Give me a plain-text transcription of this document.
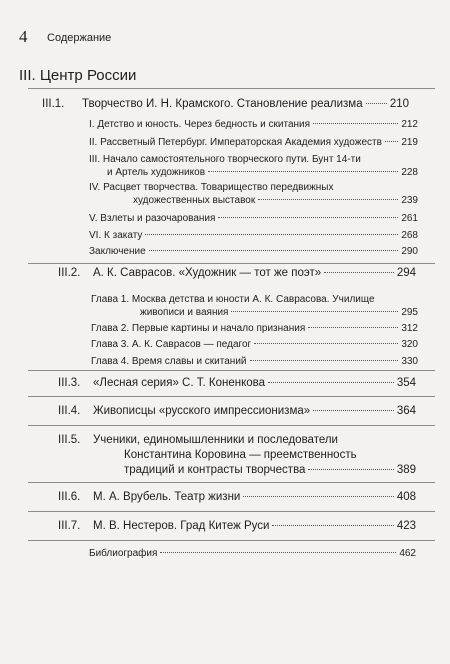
4 Содержание
III. Центр России
III.1.	Творчество И. Н. Крамского. Становление реализма 210
I. Детство и юность. Через бедность и скитания	212
II. Рассветный Петербург. Императорская Академия художеств 219
III. Начало самостоятельного творческого пути. Бунт 14-ти
и Артель художников	228
IV. Расцвет творчества. Товарищество передвижных
художественных выставок	239
V. Взлеты и разочарования	261
VI. К закату	268
Заключение	290
III.2.	А. К. Саврасов. «Художник — тот же поэт»	294
Глава 1. Москва детства и юности А. К. Саврасова. Училище
живописи и ваяния	295
Глава 2. Первые картины и начало признания	312
Глава 3. А. К. Саврасов — педагог	320
Глава 4. Время славы и скитаний	330
III.3.	«Лесная серия» С. Т. Коненкова	354
III.4.	Живописцы «русского импрессионизма»	364
III.5.	Ученики, единомышленники и последователи
Константина Коровина — преемственность
традиций и контрасты творчества	389
III.6.	М. А. Врубель. Театр жизни	408
III.7.	М. В. Нестеров. Град Китеж Руси	423
Библиография	462
